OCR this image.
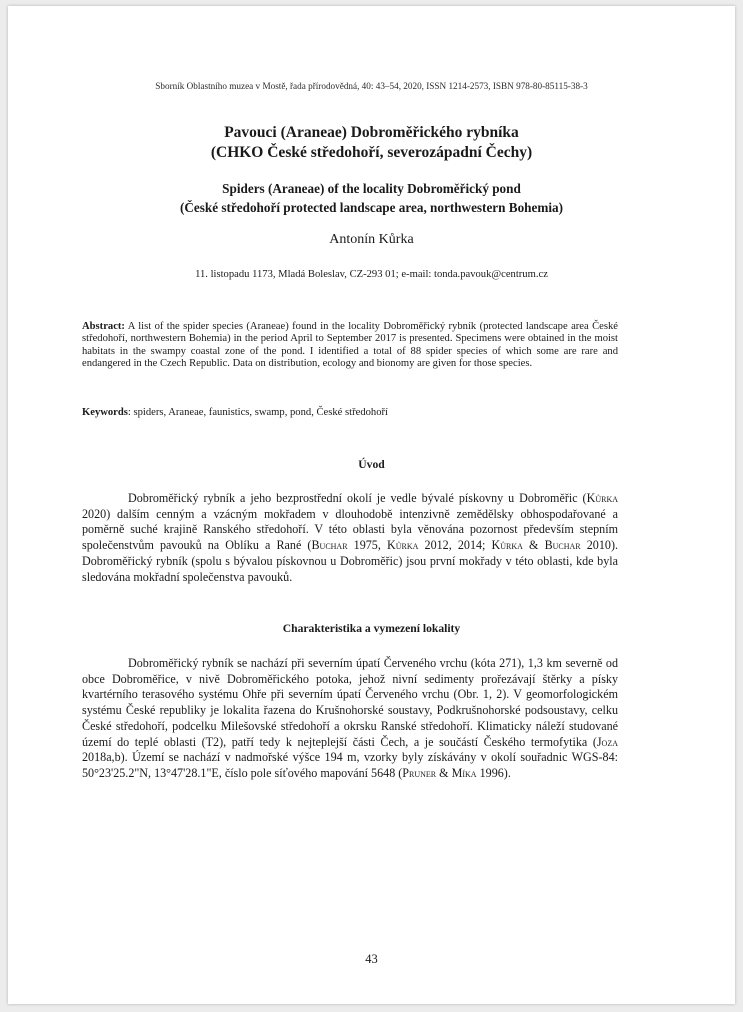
Sborník Oblastního muzea v Mostě, řada přírodovědná, 40: 43–54, 2020, ISSN 1214-2573, ISBN 978-80-85115-38-3
Pavouci (Araneae) Dobroměřického rybníka
(CHKO České středohoří, severozápadní Čechy)
Spiders (Araneae) of the locality Dobroměřický pond
(České středohoří protected landscape area, northwestern Bohemia)
Antonín Kůrka
11. listopadu 1173, Mladá Boleslav, CZ-293 01; e-mail: tonda.pavouk@centrum.cz

Abstract: A list of the spider species (Araneae) found in the locality Dobroměřický rybník (protected landscape area České středohoří, northwestern Bohemia) in the period April to September 2017 is presented. Specimens were obtained in the moist habitats in the swampy coastal zone of the pond. I identified a total of 88 spider species of which some are rare and endangered in the Czech Republic. Data on distribution, ecology and bionomy are given for those species.

Keywords: spiders, Araneae, faunistics, swamp, pond, České středohoří

Úvod

Dobroměřický rybník a jeho bezprostřední okolí je vedle bývalé pískovny u Dobroměřic (Kůrka 2020) dalším cenným a vzácným mokřadem v dlouhodobě intenzivně zemědělsky obhospodařované a poměrně suché krajině Ranského středohoří. V této oblasti byla věnována pozornost především stepním společenstvům pavouků na Oblíku a Rané (Buchar 1975, Kůrka 2012, 2014; Kůrka & Buchar 2010). Dobroměřický rybník (spolu s bývalou pískovnou u Dobroměřic) jsou první mokřady v této oblasti, kde byla sledována mokřadní společenstva pavouků.

Charakteristika a vymezení lokality

Dobroměřický rybník se nachází při severním úpatí Červeného vrchu (kóta 271), 1,3 km severně od obce Dobroměřice, v nivě Dobroměřického potoka, jehož nivní sedimenty prořezávají štěrky a písky kvartérního terasového systému Ohře při severním úpatí Červeného vrchu (Obr. 1, 2). V geomorfologickém systému České republiky je lokalita řazena do Krušnohorské soustavy, Podkrušnohorské podsoustavy, celku České středohoří, podcelku Milešovské středohoří a okrsku Ranské středohoří. Klimaticky náleží studované území do teplé oblasti (T2), patří tedy k nejteplejší části Čech, a je součástí Českého termofytika (Joza 2018a,b). Území se nachází v nadmořské výšce 194 m, vzorky byly získávány v okolí souřadnic WGS-84: 50°23'25.2"N, 13°47'28.1"E, číslo pole síťového mapování 5648 (Pruner & Míka 1996).

43
